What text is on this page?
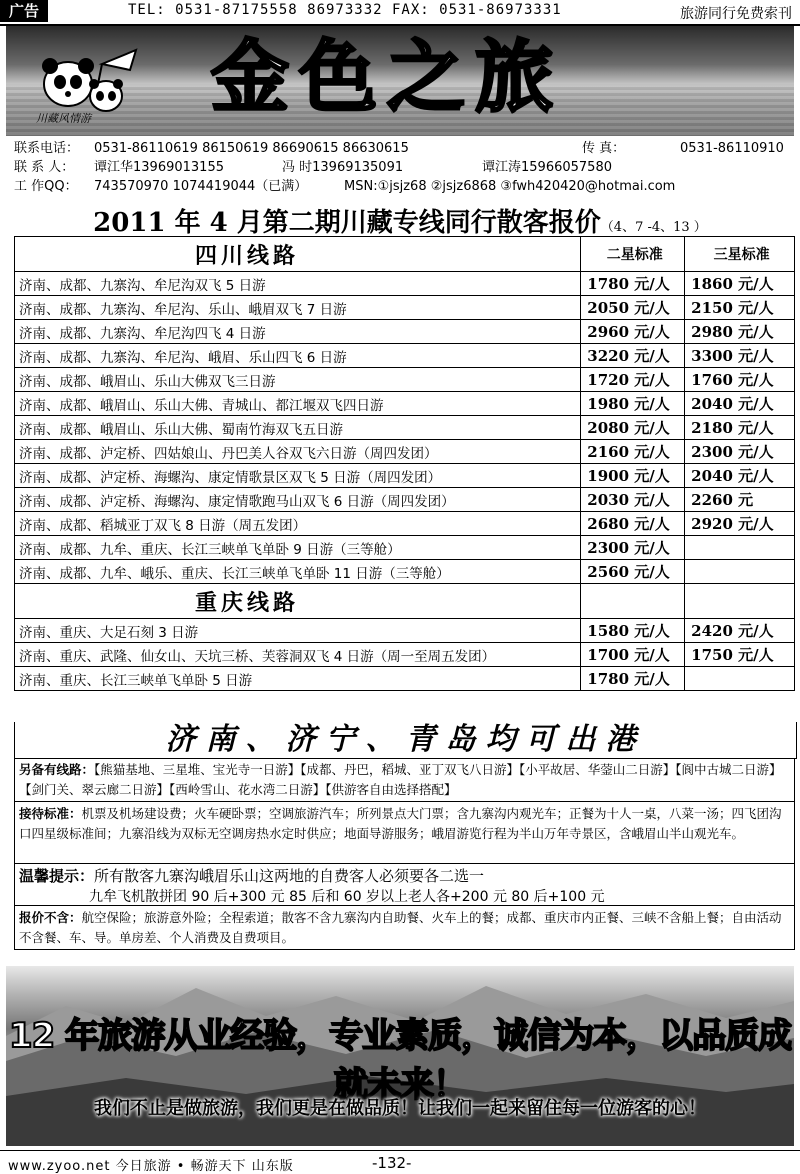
广告	TEL: 0531-87175558 86973332 FAX: 0531-86973331	旅游同行免费索刊
川藏风情游 金色之旅
联系电话： 0531-86110619 86150619 86690615 86630615	传 真：	0531-86110910
联 系 人： 谭江华13969013155	冯 时13969135091	谭江涛15966057580
工 作QQ： 743570970 1074419044（已满）	MSN:①jsjz68 ②jsjz6868 ③fwh420420@hotmai.com
2011 年 4 月第二期川藏专线同行散客报价（4、7 -4、13 ）
四川线路	二星标准	三星标准
济南、成都、九寨沟、牟尼沟双飞 5 日游	1780 元/人	1860 元/人
济南、成都、九寨沟、牟尼沟、乐山、峨眉双飞 7 日游	2050 元/人	2150 元/人
济南、成都、九寨沟、牟尼沟四飞 4 日游	2960 元/人	2980 元/人
济南、成都、九寨沟、牟尼沟、峨眉、乐山四飞 6 日游	3220 元/人	3300 元/人
济南、成都、峨眉山、乐山大佛双飞三日游	1720 元/人	1760 元/人
济南、成都、峨眉山、乐山大佛、青城山、都江堰双飞四日游	1980 元/人	2040 元/人
济南、成都、峨眉山、乐山大佛、蜀南竹海双飞五日游	2080 元/人	2180 元/人
济南、成都、泸定桥、四姑娘山、丹巴美人谷双飞六日游（周四发团）	2160 元/人	2300 元/人
济南、成都、泸定桥、海螺沟、康定情歌景区双飞 5 日游（周四发团）	1900 元/人	2040 元/人
济南、成都、泸定桥、海螺沟、康定情歌跑马山双飞 6 日游（周四发团）	2030 元/人	2260 元
济南、成都、稻城亚丁双飞 8 日游（周五发团）	2680 元/人	2920 元/人
济南、成都、九牟、重庆、长江三峡单飞单卧 9 日游（三等舱）	2300 元/人	
济南、成都、九牟、峨乐、重庆、长江三峡单飞单卧 11 日游（三等舱）	2560 元/人	
重庆线路		
济南、重庆、大足石刻 3 日游	1580 元/人	2420 元/人
济南、重庆、武隆、仙女山、天坑三桥、芙蓉洞双飞 4 日游（周一至周五发团）	1700 元/人	1750 元/人
济南、重庆、长江三峡单飞单卧 5 日游	1780 元/人	
济南、济宁、青岛均可出港
另备有线路：【熊猫基地、三星堆、宝光寺一日游】【成都、丹巴，稻城、亚丁双飞八日游】【小平故居、华蓥山二日游】【阆中古城二日游】【剑门关、翠云廊二日游】【西岭雪山、花水湾二日游】【供游客自由选择搭配】
接待标准：机票及机场建设费；火车硬卧票；空调旅游汽车；所列景点大门票；含九寨沟内观光车；正餐为十人一桌，八菜一汤；四飞团沟口四星级标准间；九寨沿线为双标无空调房热水定时供应；地面导游服务；峨眉游览行程为半山万年寺景区，含峨眉山半山观光车。
温馨提示：所有散客九寨沟峨眉乐山这两地的自费客人必须要各二选一
九牟飞机散拼团 90 后+300 元 85 后和 60 岁以上老人各+200 元 80 后+100 元
报价不含：航空保险；旅游意外险；全程索道；散客不含九寨沟内自助餐、火车上的餐；成都、重庆市内正餐、三峡不含船上餐；自由活动不含餐、车、导。单房差、个人消费及自费项目。
12 年旅游从业经验，专业素质，诚信为本，以品质成就未来！
我们不止是做旅游，我们更是在做品质！让我们一起来留住每一位游客的心！
www.zyoo.net 今日旅游 • 畅游天下 山东版	-132-
